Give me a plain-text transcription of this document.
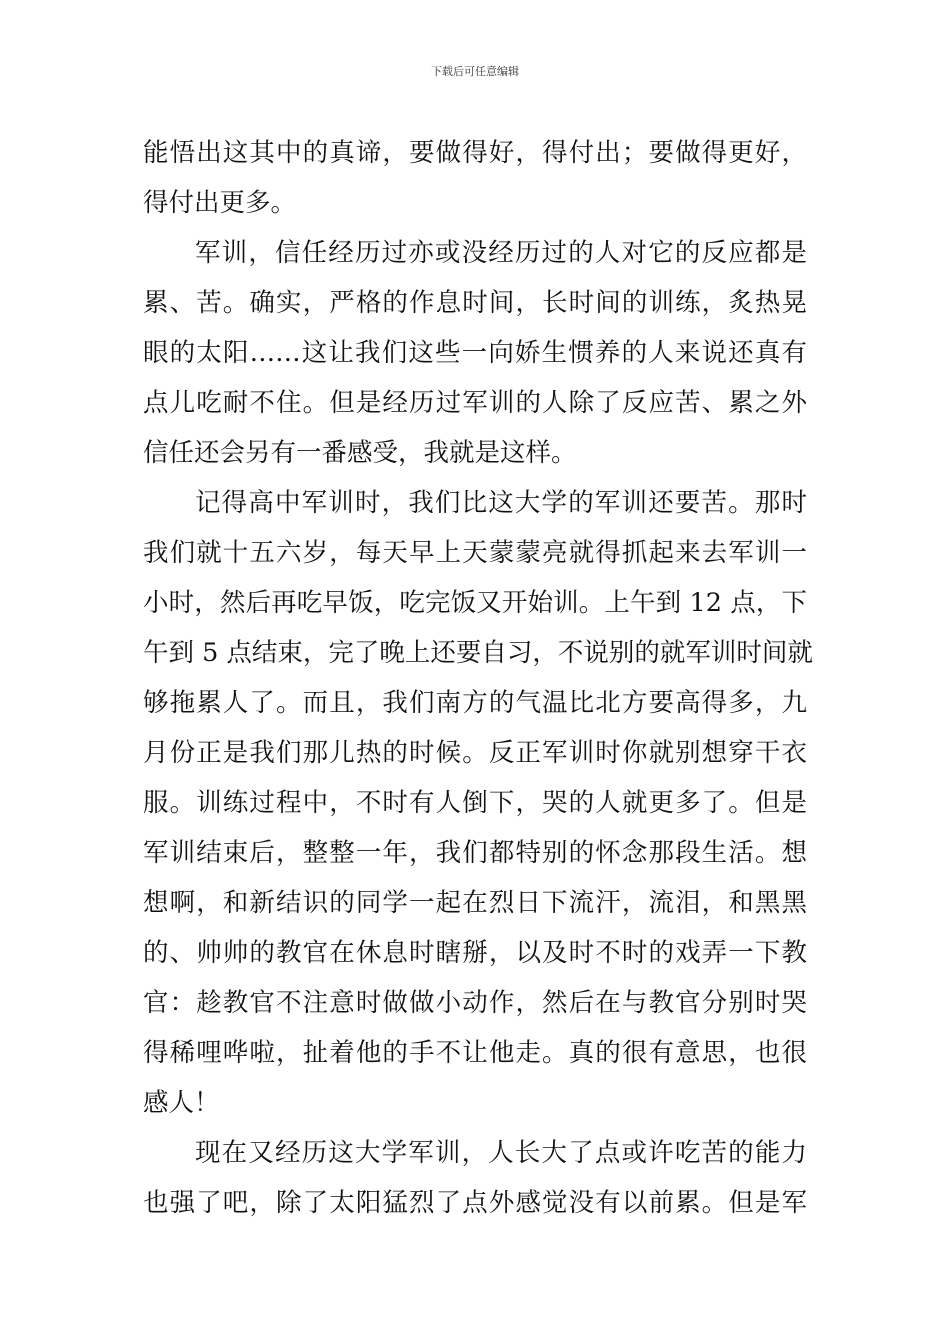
下载后可任意编辑
能悟出这其中的真谛，要做得好，得付出；要做得更好，
得付出更多。
军训，信任经历过亦或没经历过的人对它的反应都是
累、苦。确实，严格的作息时间，长时间的训练，炙热晃
眼的太阳……这让我们这些一向娇生惯养的人来说还真有
点儿吃耐不住。但是经历过军训的人除了反应苦、累之外
信任还会另有一番感受，我就是这样。
记得高中军训时，我们比这大学的军训还要苦。那时
我们就十五六岁，每天早上天蒙蒙亮就得抓起来去军训一
小时，然后再吃早饭，吃完饭又开始训。上午到 12 点，下
午到 5 点结束，完了晚上还要自习，不说别的就军训时间就
够拖累人了。而且，我们南方的气温比北方要高得多，九
月份正是我们那儿热的时候。反正军训时你就别想穿干衣
服。训练过程中，不时有人倒下，哭的人就更多了。但是
军训结束后，整整一年，我们都特别的怀念那段生活。想
想啊，和新结识的同学一起在烈日下流汗，流泪，和黑黑
的、帅帅的教官在休息时瞎掰，以及时不时的戏弄一下教
官：趁教官不注意时做做小动作，然后在与教官分别时哭
得稀哩哗啦，扯着他的手不让他走。真的很有意思，也很
感人！
现在又经历这大学军训，人长大了点或许吃苦的能力
也强了吧，除了太阳猛烈了点外感觉没有以前累。但是军
